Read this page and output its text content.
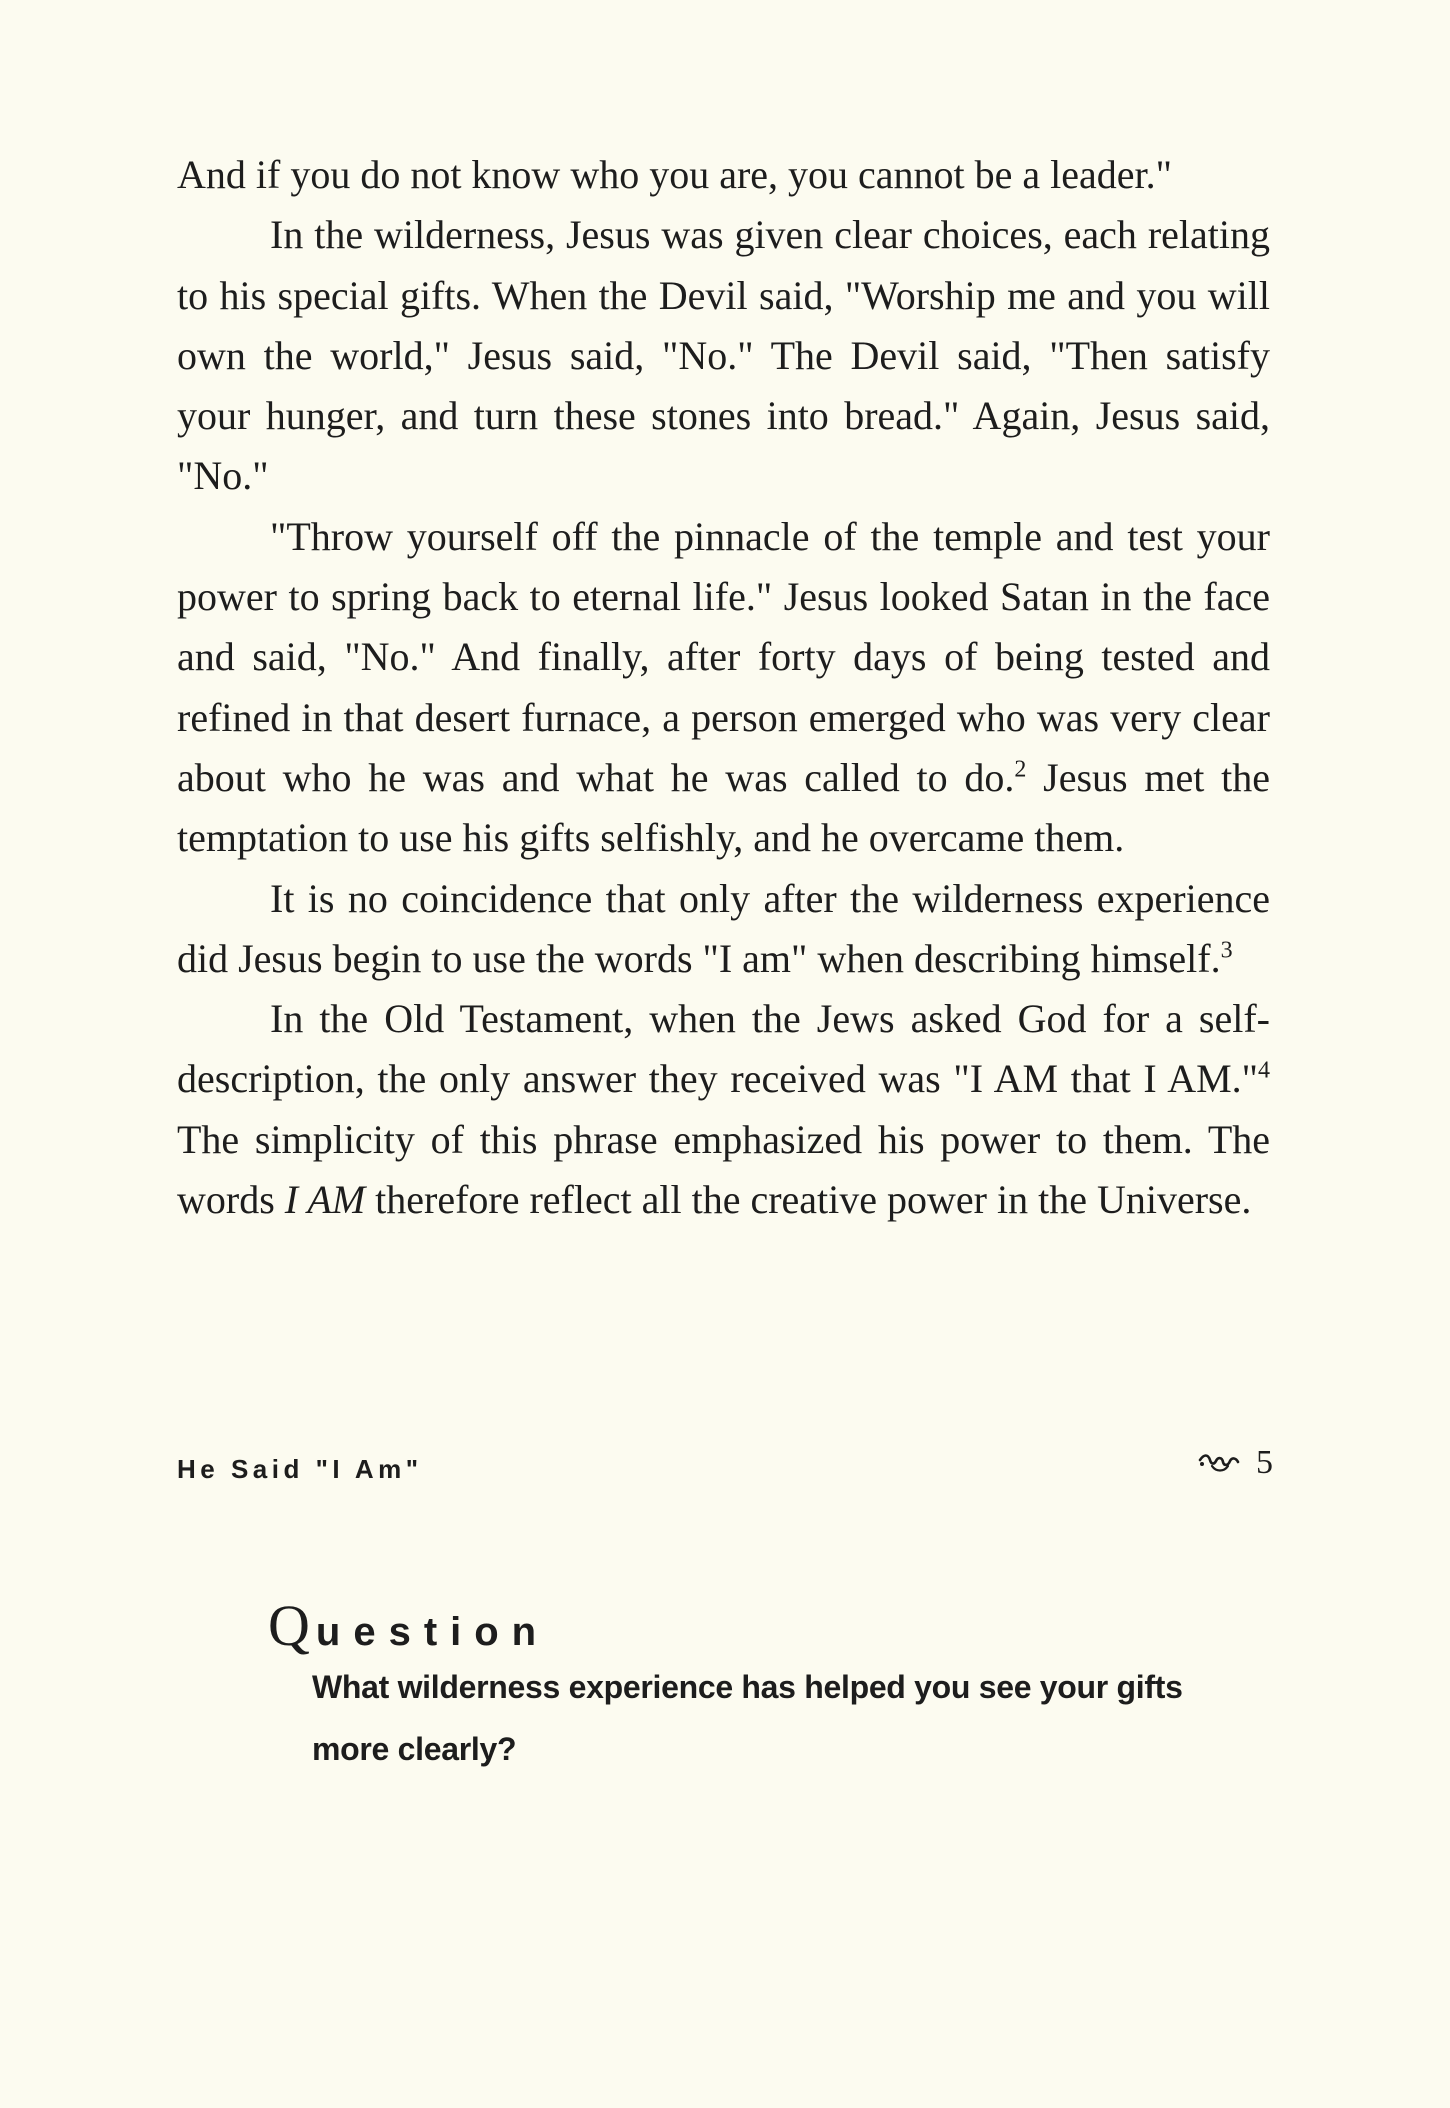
And if you do not know who you are, you cannot be a leader."

In the wilderness, Jesus was given clear choices, each relating to his special gifts. When the Devil said, "Worship me and you will own the world," Jesus said, "No." The Devil said, "Then satisfy your hunger, and turn these stones into bread." Again, Jesus said, "No."

"Throw yourself off the pinnacle of the temple and test your power to spring back to eternal life." Jesus looked Satan in the face and said, "No." And finally, after forty days of being tested and refined in that desert furnace, a person emerged who was very clear about who he was and what he was called to do.$^2$ Jesus met the temptation to use his gifts selfishly, and he overcame them.

It is no coincidence that only after the wilderness experience did Jesus begin to use the words "I am" when describing himself.$^3$

In the Old Testament, when the Jews asked God for a self-description, the only answer they received was "I AM that I AM."$^4$ The simplicity of this phrase emphasized his power to them. The words I AM therefore reflect all the creative power in the Universe.

Question
What wilderness experience has helped you see your gifts more clearly?
He Said "I Am"	5
